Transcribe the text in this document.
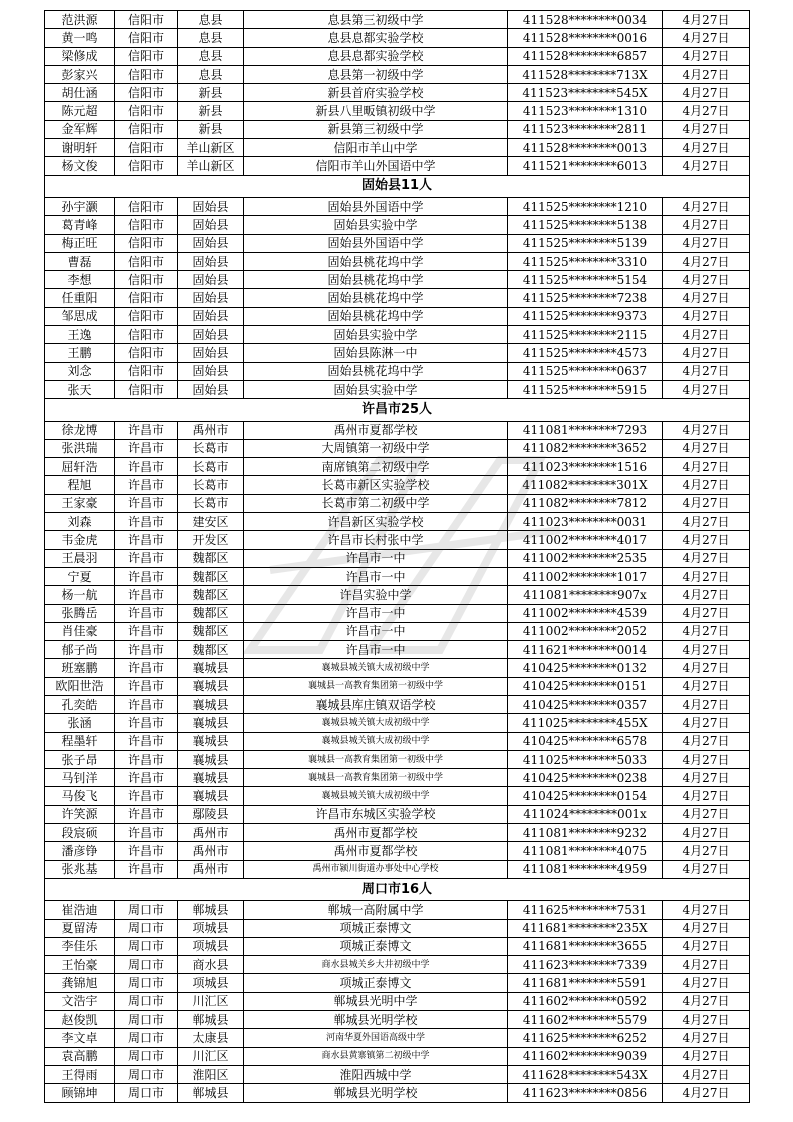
范洪源	信阳市	息县	息县第三初级中学	411528********0034	4月27日
黄一鸣	信阳市	息县	息县息都实验学校	411528********0016	4月27日
梁修成	信阳市	息县	息县息都实验学校	411528********6857	4月27日
彭家兴	信阳市	息县	息县第一初级中学	411528********713X	4月27日
胡仕涵	信阳市	新县	新县首府实验学校	411523********545X	4月27日
陈元超	信阳市	新县	新县八里畈镇初级中学	411523********1310	4月27日
金军辉	信阳市	新县	新县第三初级中学	411523********2811	4月27日
谢明轩	信阳市	羊山新区	信阳市羊山中学	411528********0013	4月27日
杨文俊	信阳市	羊山新区	信阳市羊山外国语中学	411521********6013	4月27日
固始县11人					
孙宇灏	信阳市	固始县	固始县外国语中学	411525********1210	4月27日
葛青峰	信阳市	固始县	固始县实验中学	411525********5138	4月27日
梅正旺	信阳市	固始县	固始县外国语中学	411525********5139	4月27日
曹磊	信阳市	固始县	固始县桃花坞中学	411525********3310	4月27日
李想	信阳市	固始县	固始县桃花坞中学	411525********5154	4月27日
任重阳	信阳市	固始县	固始县桃花坞中学	411525********7238	4月27日
邹思成	信阳市	固始县	固始县桃花坞中学	411525********9373	4月27日
王逸	信阳市	固始县	固始县实验中学	411525********2115	4月27日
王鹏	信阳市	固始县	固始县陈淋一中	411525********4573	4月27日
刘念	信阳市	固始县	固始县桃花坞中学	411525********0637	4月27日
张天	信阳市	固始县	固始县实验中学	411525********5915	4月27日
许昌市25人					
徐龙博	许昌市	禹州市	禹州市夏都学校	411081********7293	4月27日
张洪瑞	许昌市	长葛市	大周镇第一初级中学	411082********3652	4月27日
屈轩浩	许昌市	长葛市	南席镇第二初级中学	411023********1516	4月27日
程旭	许昌市	长葛市	长葛市新区实验学校	411082********301X	4月27日
王家豪	许昌市	长葛市	长葛市第二初级中学	411082********7812	4月27日
刘森	许昌市	建安区	许昌新区实验学校	411023********0031	4月27日
韦金虎	许昌市	开发区	许昌市长村张中学	411002********4017	4月27日
王晨羽	许昌市	魏都区	许昌市一中	411002********2535	4月27日
宁夏	许昌市	魏都区	许昌市一中	411002********1017	4月27日
杨一航	许昌市	魏都区	许昌实验中学	411081********907x	4月27日
张腾岳	许昌市	魏都区	许昌市一中	411002********4539	4月27日
肖佳豪	许昌市	魏都区	许昌市一中	411002********2052	4月27日
郁子尚	许昌市	魏都区	许昌市一中	411621********0014	4月27日
班塞鹏	许昌市	襄城县	襄城县城关镇大成初级中学	410425********0132	4月27日
欧阳世浩	许昌市	襄城县	襄城县一高教育集团第一初级中学	410425********0151	4月27日
孔奕皓	许昌市	襄城县	襄城县库庄镇双语学校	410425********0357	4月27日
张涵	许昌市	襄城县	襄城县城关镇大成初级中学	411025********455X	4月27日
程墨轩	许昌市	襄城县	襄城县城关镇大成初级中学	410425********6578	4月27日
张子昂	许昌市	襄城县	襄城县一高教育集团第一初级中学	411025********5033	4月27日
马钊洋	许昌市	襄城县	襄城县一高教育集团第一初级中学	410425********0238	4月27日
马俊飞	许昌市	襄城县	襄城县城关镇大成初级中学	410425********0154	4月27日
许笑源	许昌市	鄢陵县	许昌市东城区实验学校	411024********001x	4月27日
段宸硕	许昌市	禹州市	禹州市夏都学校	411081********9232	4月27日
潘彦铮	许昌市	禹州市	禹州市夏都学校	411081********4075	4月27日
张兆基	许昌市	禹州市	禹州市颍川街道办事处中心学校	411081********4959	4月27日
周口市16人					
崔浩迪	周口市	郸城县	郸城一高附属中学	411625********7531	4月27日
夏留涛	周口市	项城县	项城正泰博文	411681********235X	4月27日
李佳乐	周口市	项城县	项城正泰博文	411681********3655	4月27日
王怡豪	周口市	商水县	商水县城关乡大井初级中学	411623********7339	4月27日
龚锦旭	周口市	项城县	项城正泰博文	411681********5591	4月27日
文浩宇	周口市	川汇区	郸城县光明中学	411602********0592	4月27日
赵俊凯	周口市	郸城县	郸城县光明学校	411602********5579	4月27日
李文卓	周口市	太康县	河南华夏外国语高级中学	411625********6252	4月27日
袁高鹏	周口市	川汇区	商水县黄寨镇第二初级中学	411602********9039	4月27日
王得雨	周口市	淮阳区	淮阳西城中学	411628********543X	4月27日
顾锦坤	周口市	郸城县	郸城县光明学校	411623********0856	4月27日
